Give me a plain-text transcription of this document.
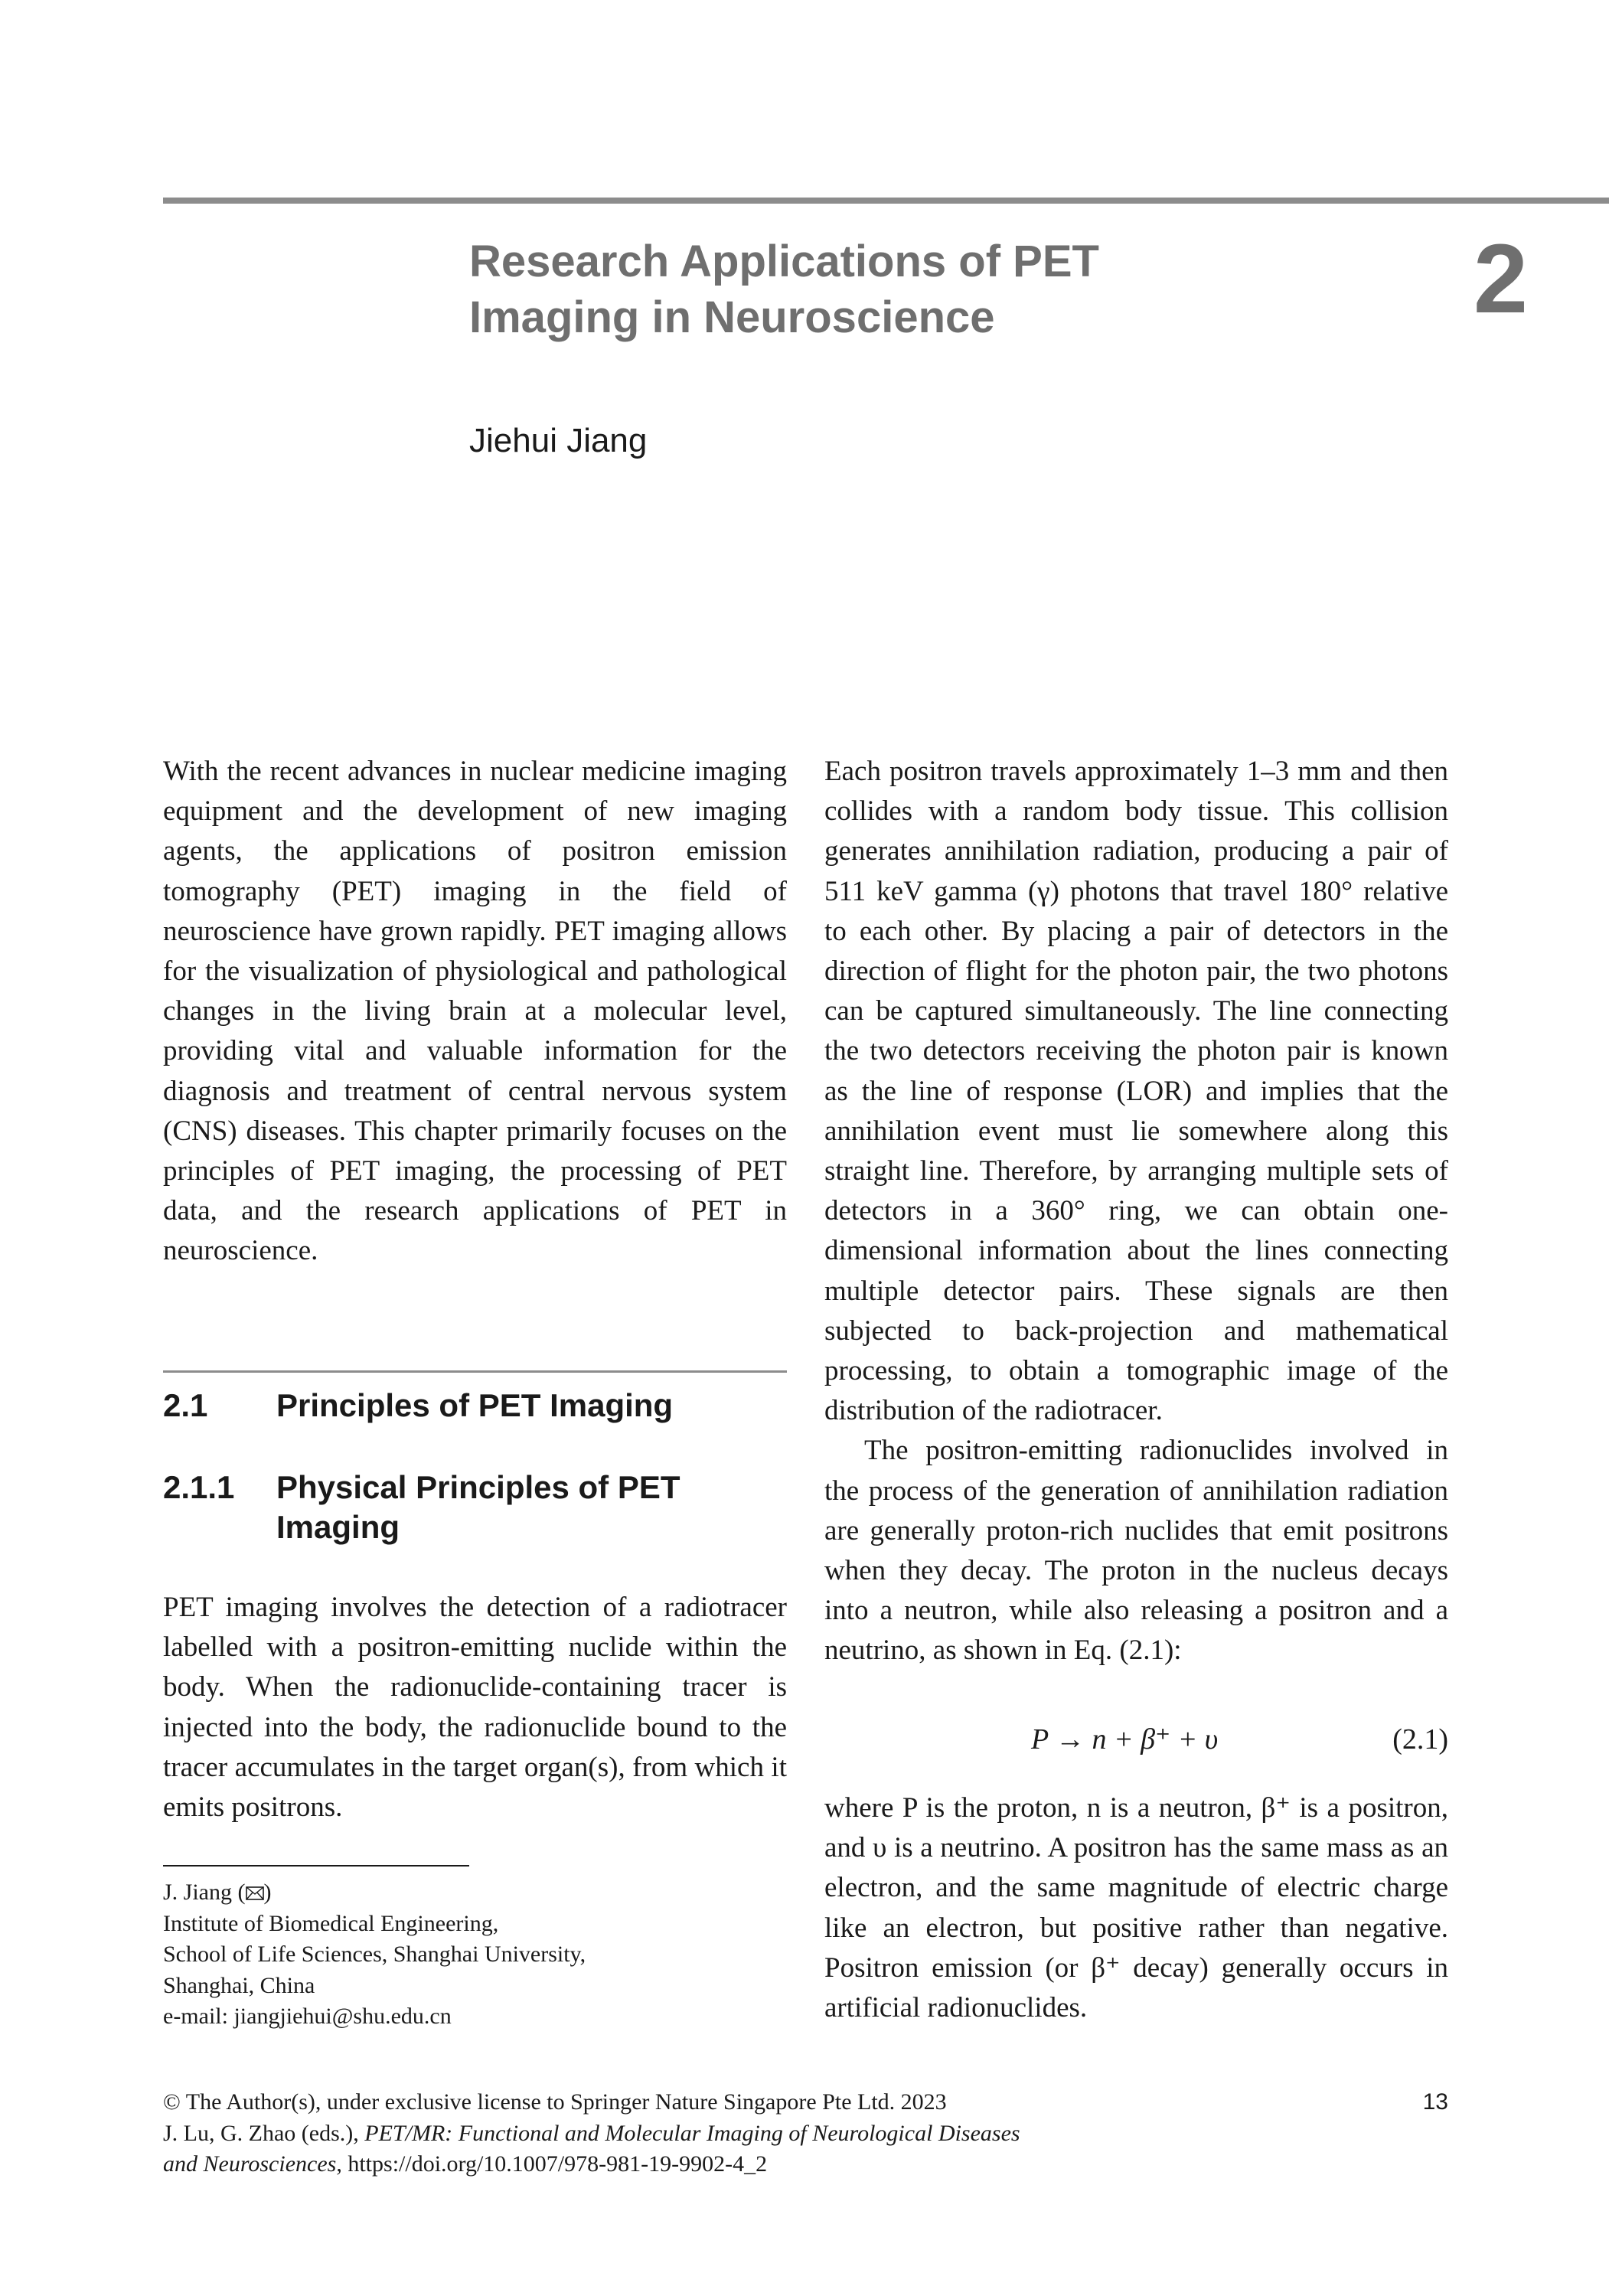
Research Applications of PET
Imaging in Neuroscience	2
Jiehui Jiang

With the recent advances in nuclear medicine imaging equipment and the development of new imaging agents, the applications of positron emission tomography (PET) imaging in the field of neuroscience have grown rapidly. PET imaging allows for the visualization of physiological and pathological changes in the living brain at a molecular level, providing vital and valuable information for the diagnosis and treatment of central nervous system (CNS) diseases. This chapter primarily focuses on the principles of PET imaging, the processing of PET data, and the research applications of PET in neuroscience.

2.1 Principles of PET Imaging
2.1.1 Physical Principles of PET Imaging

PET imaging involves the detection of a radiotracer labelled with a positron-emitting nuclide within the body. When the radionuclide-containing tracer is injected into the body, the radionuclide bound to the tracer accumulates in the target organ(s), from which it emits positrons.

Each positron travels approximately 1–3 mm and then collides with a random body tissue. This collision generates annihilation radiation, producing a pair of 511 keV gamma (γ) photons that travel 180° relative to each other. By placing a pair of detectors in the direction of flight for the photon pair, the two photons can be captured simultaneously. The line connecting the two detectors receiving the photon pair is known as the line of response (LOR) and implies that the annihilation event must lie somewhere along this straight line. Therefore, by arranging multiple sets of detectors in a 360° ring, we can obtain one-dimensional information about the lines connecting multiple detector pairs. These signals are then subjected to back-projection and mathematical processing, to obtain a tomographic image of the distribution of the radiotracer.

The positron-emitting radionuclides involved in the process of the generation of annihilation radiation are generally proton-rich nuclides that emit positrons when they decay. The proton in the nucleus decays into a neutron, while also releasing a positron and a neutrino, as shown in Eq. (2.1):

P → n + β⁺ + υ	(2.1)

where P is the proton, n is a neutron, β⁺ is a positron, and υ is a neutrino. A positron has the same mass as an electron, and the same magnitude of electric charge like an electron, but positive rather than negative. Positron emission (or β⁺ decay) generally occurs in artificial radionuclides.

J. Jiang ( )
Institute of Biomedical Engineering,
School of Life Sciences, Shanghai University,
Shanghai, China
e-mail: jiangjiehui@shu.edu.cn
© The Author(s), under exclusive license to Springer Nature Singapore Pte Ltd. 2023
J. Lu, G. Zhao (eds.), PET/MR: Functional and Molecular Imaging of Neurological Diseases
and Neurosciences, https://doi.org/10.1007/978-981-19-9902-4_2
13
